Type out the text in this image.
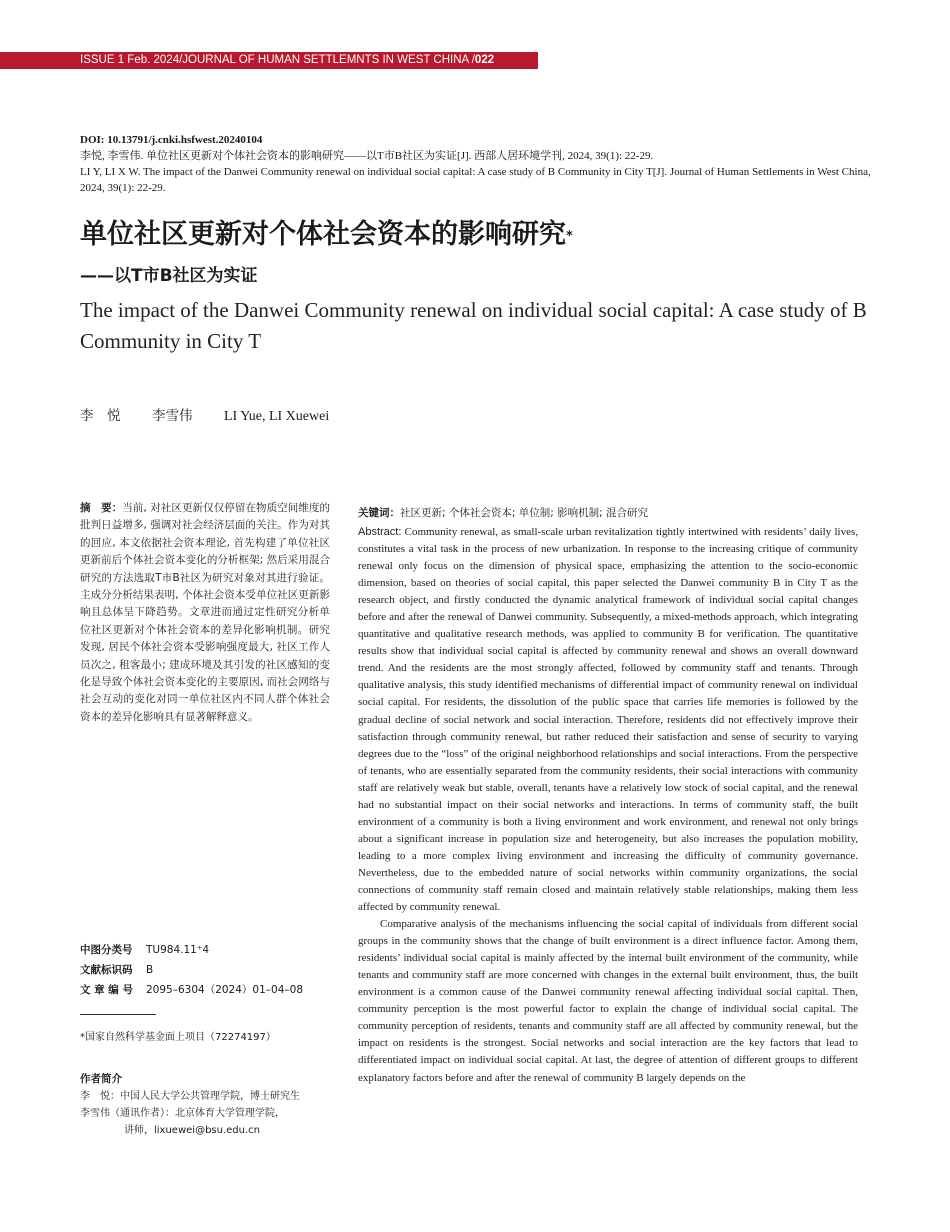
ISSUE 1 Feb. 2024/JOURNAL OF HUMAN SETTLEMNTS IN WEST CHINA /022
DOI: 10.13791/j.cnki.hsfwest.20240104
李悦, 李雪伟. 单位社区更新对个体社会资本的影响研究——以T市B社区为实证[J]. 西部人居环境学刊, 2024, 39(1): 22-29.
LI Y, LI X W. The impact of the Danwei Community renewal on individual social capital: A case study of B Community in City T[J]. Journal of Human Settlements in West China, 2024, 39(1): 22-29.
单位社区更新对个体社会资本的影响研究*
——以T市B社区为实证
The impact of the Danwei Community renewal on individual social capital: A case study of B Community in City T
李　悦 李雪伟 LI Yue, LI Xuewei
摘　要：当前, 对社区更新仅仅停留在物质空间维度的批判日益增多, 强调对社会经济层面的关注。作为对其的回应, 本文依据社会资本理论, 首先构建了单位社区更新前后个体社会资本变化的分析框架; 然后采用混合研究的方法选取T市B社区为研究对象对其进行验证。主成分分析结果表明, 个体社会资本受单位社区更新影响且总体呈下降趋势。文章进而通过定性研究分析单位社区更新对个体社会资本的差异化影响机制。研究发现, 居民个体社会资本受影响强度最大, 社区工作人员次之, 租客最小; 建成环境及其引发的社区感知的变化是导致个体社会资本变化的主要原因, 而社会网络与社会互动的变化对同一单位社区内不同人群个体社会资本的差异化影响具有显著解释意义。
中图分类号 TU984.11⁺4
文献标识码 B
文 章 编 号 2095–6304（2024）01–04–08
*国家自然科学基金面上项目（72274197）
作者简介
李　悦：中国人民大学公共管理学院，博士研究生
李雪伟（通讯作者）：北京体育大学管理学院，
讲师，lixuewei@bsu.edu.cn
关键词：社区更新; 个体社会资本; 单位制; 影响机制; 混合研究

Abstract: Community renewal, as small-scale urban revitalization tightly intertwined with residents’ daily lives, constitutes a vital task in the process of new urbanization. In response to the increasing critique of community renewal only focus on the dimension of physical space, emphasizing the attention to the socio-economic dimension, based on theories of social capital, this paper selected the Danwei community B in City T as the research object, and firstly conducted the dynamic analytical framework of individual social capital changes before and after the renewal of Danwei community. Subsequently, a mixed-methods approach, which integrating quantitative and qualitative research methods, was applied to community B for verification. The quantitative results show that individual social capital is affected by community renewal and shows an overall downward trend. And the residents are the most strongly affected, followed by community staff and tenants. Through qualitative analysis, this study identified mechanisms of differential impact of community renewal on individual social capital. For residents, the dissolution of the public space that carries life memories is followed by the gradual decline of social network and social interaction. Therefore, residents did not effectively improve their satisfaction through community renewal, but rather reduced their satisfaction and sense of security to varying degrees due to the “loss” of the original neighborhood relationships and social interactions. From the perspective of tenants, who are essentially separated from the community residents, their social interactions with community staff are relatively weak but stable, overall, tenants have a relatively low stock of social capital, and the renewal had no substantial impact on their social networks and interactions. In terms of community staff, the built environment of a community is both a living environment and work environment, and renewal not only brings about a significant increase in population size and heterogeneity, but also increases the population mobility, leading to a more complex living environment and increasing the difficulty of community governance. Nevertheless, due to the embedded nature of social networks within community organizations, the social connections of community staff remain closed and maintain relatively stable relationships, making them less affected by community renewal.

Comparative analysis of the mechanisms influencing the social capital of individuals from different social groups in the community shows that the change of built environment is a direct influence factor. Among them, residents’ individual social capital is mainly affected by the internal built environment of the community, while tenants and community staff are more concerned with changes in the external built environment, thus, the built environment is a common cause of the Danwei community renewal affecting individual social capital. Then, community perception is the most powerful factor to explain the change of individual social capital. The community perception of residents, tenants and community staff are all affected by community renewal, but the impact on residents is the strongest. Social networks and social interaction are the key factors that lead to differentiated impact on individual social capital. At last, the degree of attention of different groups to different explanatory factors before and after the renewal of community B largely depends on the
